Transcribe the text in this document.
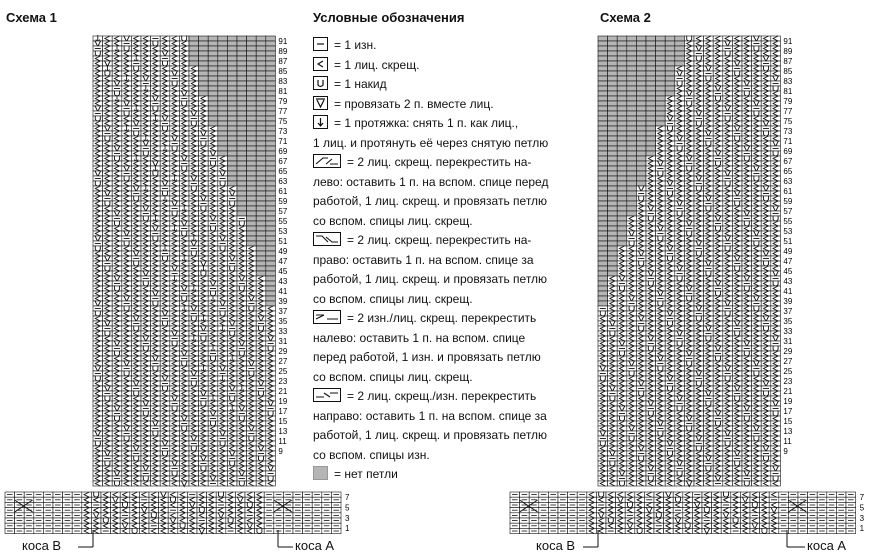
Схема 1	Условные обозначения	Схема 2
91
89
87
85
83
81
79
77
75
73
71
69
67
65
63
61
59
57
55
53
51
49
47
45
43
41
39
37
35
33
31
29
27
25
23
21
19
17
15
13
11
9
7
5
3
1
91
89
87
85
83
81
79
77
75
73
71
69
67
65
63
61
59
57
55
53
51
49
47
45
43
41
39
37
35
33
31
29
27
25
23
21
19
17
15
13
11
9
7
5
3
1
= 1 изн.
= 1 лиц. скрещ.
= 1 накид
= провязать 2 п. вместе лиц.
= 1 протяжка: снять 1 п. как лиц.,
1 лиц. и протянуть её через снятую петлю
= 2 лиц. скрещ. перекрестить на-
лево: оставить 1 п. на вспом. спице перед
работой, 1 лиц. скрещ. и провязать петлю
со вспом. спицы лиц. скрещ.
= 2 лиц. скрещ. перекрестить на-
право: оставить 1 п. на вспом. спице за
работой, 1 лиц. скрещ. и провязать петлю
со вспом. спицы лиц. скрещ.
= 2 изн./лиц. скрещ. перекрестить
налево: оставить 1 п. на вспом. спице
перед работой, 1 изн. и провязать петлю
со вспом. спицы лиц. скрещ.
= 2 лиц. скрещ./изн. перекрестить
направо: оставить 1 п. на вспом. спице за
работой, 1 лиц. скрещ. и провязать петлю
со вспом. спицы изн.
= нет петли
коса В	коса А	коса В	коса А
